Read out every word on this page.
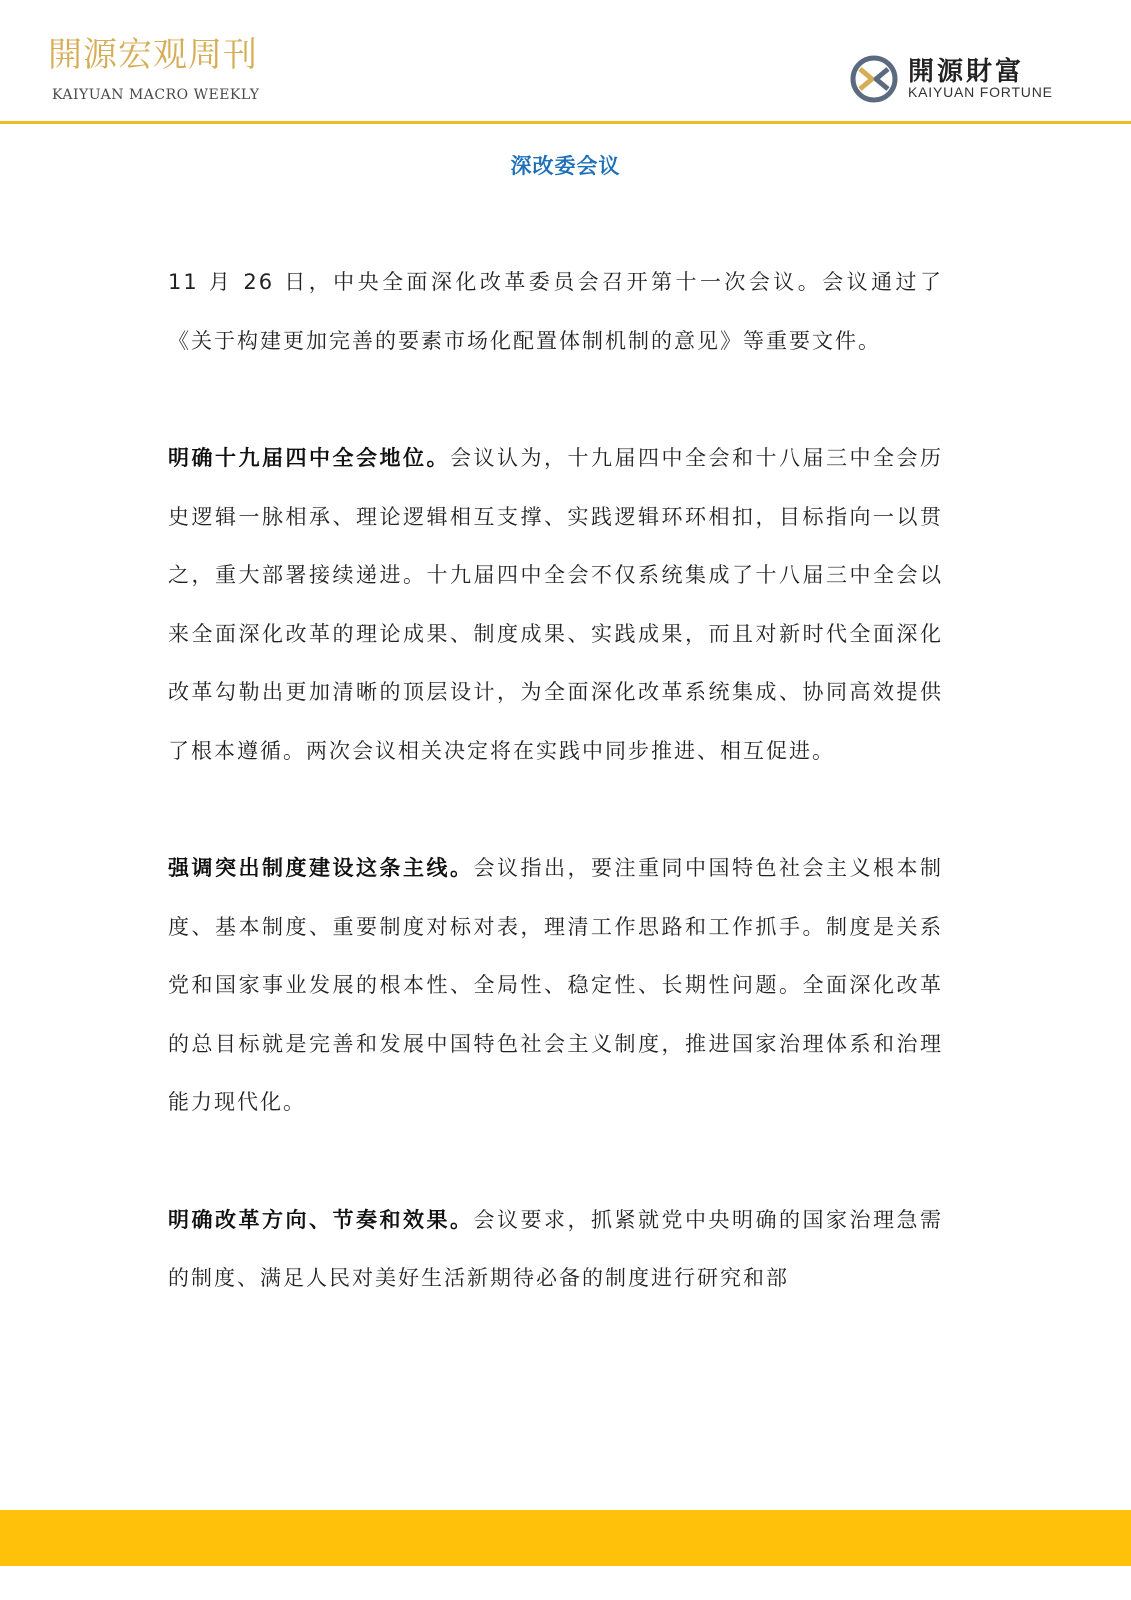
開源宏观周刊
KAIYUAN MACRO WEEKLY
開源財富
KAIYUAN FORTUNE
深改委会议

11 月 26 日，中央全面深化改革委员会召开第十一次会议。会议通过了《关于构建更加完善的要素市场化配置体制机制的意见》等重要文件。

明确十九届四中全会地位。会议认为，十九届四中全会和十八届三中全会历史逻辑一脉相承、理论逻辑相互支撑、实践逻辑环环相扣，目标指向一以贯之，重大部署接续递进。十九届四中全会不仅系统集成了十八届三中全会以来全面深化改革的理论成果、制度成果、实践成果，而且对新时代全面深化改革勾勒出更加清晰的顶层设计，为全面深化改革系统集成、协同高效提供了根本遵循。两次会议相关决定将在实践中同步推进、相互促进。

强调突出制度建设这条主线。会议指出，要注重同中国特色社会主义根本制度、基本制度、重要制度对标对表，理清工作思路和工作抓手。制度是关系党和国家事业发展的根本性、全局性、稳定性、长期性问题。全面深化改革的总目标就是完善和发展中国特色社会主义制度，推进国家治理体系和治理能力现代化。

明确改革方向、节奏和效果。会议要求，抓紧就党中央明确的国家治理急需的制度、满足人民对美好生活新期待必备的制度进行研究和部
